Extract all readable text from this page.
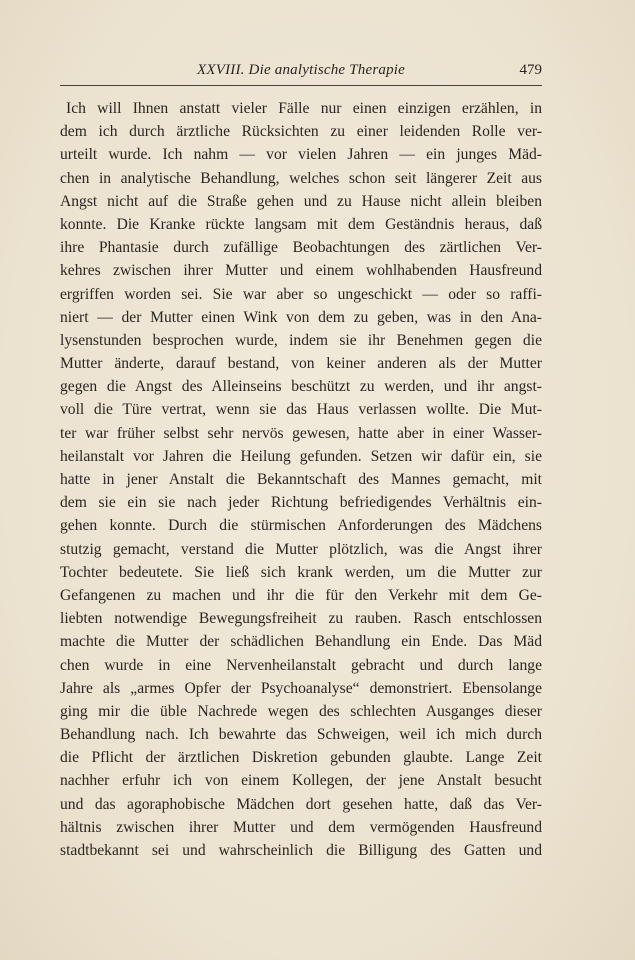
XXVIII. Die analytische Therapie	479
Ich will Ihnen anstatt vieler Fälle nur einen einzigen erzählen, in
dem ich durch ärztliche Rücksichten zu einer leidenden Rolle ver-
urteilt wurde. Ich nahm — vor vielen Jahren — ein junges Mäd-
chen in analytische Behandlung, welches schon seit längerer Zeit aus
Angst nicht auf die Straße gehen und zu Hause nicht allein bleiben
konnte. Die Kranke rückte langsam mit dem Geständnis heraus, daß
ihre Phantasie durch zufällige Beobachtungen des zärtlichen Ver-
kehres zwischen ihrer Mutter und einem wohlhabenden Hausfreund
ergriffen worden sei. Sie war aber so ungeschickt — oder so raffi-
niert — der Mutter einen Wink von dem zu geben, was in den Ana-
lysenstunden besprochen wurde, indem sie ihr Benehmen gegen die
Mutter änderte, darauf bestand, von keiner anderen als der Mutter
gegen die Angst des Alleinseins beschützt zu werden, und ihr angst-
voll die Türe vertrat, wenn sie das Haus verlassen wollte. Die Mut-
ter war früher selbst sehr nervös gewesen, hatte aber in einer Wasser-
heilanstalt vor Jahren die Heilung gefunden. Setzen wir dafür ein, sie
hatte in jener Anstalt die Bekanntschaft des Mannes gemacht, mit
dem sie ein sie nach jeder Richtung befriedigendes Verhältnis ein-
gehen konnte. Durch die stürmischen Anforderungen des Mädchens
stutzig gemacht, verstand die Mutter plötzlich, was die Angst ihrer
Tochter bedeutete. Sie ließ sich krank werden, um die Mutter zur
Gefangenen zu machen und ihr die für den Verkehr mit dem Ge-
liebten notwendige Bewegungsfreiheit zu rauben. Rasch entschlossen
machte die Mutter der schädlichen Behandlung ein Ende. Das Mäd
chen wurde in eine Nervenheilanstalt gebracht und durch lange
Jahre als „armes Opfer der Psychoanalyse“ demonstriert. Ebensolange
ging mir die üble Nachrede wegen des schlechten Ausganges dieser
Behandlung nach. Ich bewahrte das Schweigen, weil ich mich durch
die Pflicht der ärztlichen Diskretion gebunden glaubte. Lange Zeit
nachher erfuhr ich von einem Kollegen, der jene Anstalt besucht
und das agoraphobische Mädchen dort gesehen hatte, daß das Ver-
hältnis zwischen ihrer Mutter und dem vermögenden Hausfreund
stadtbekannt sei und wahrscheinlich die Billigung des Gatten und
